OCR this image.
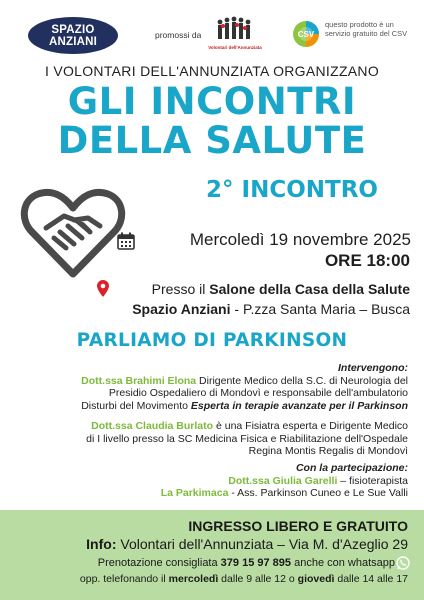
SPAZIO
ANZIANI
promossi da
Volontari dell'Annunziata
CSV
questo prodotto è un servizio gratuito del CSV
I VOLONTARI DELL'ANNUNZIATA ORGANIZZANO
GLI INCONTRI
DELLA SALUTE
2° INCONTRO
Mercoledì 19 novembre 2025
ORE 18:00
Presso il Salone della Casa della Salute
Spazio Anziani - P.zza Santa Maria – Busca
PARLIAMO DI PARKINSON
Intervengono:
Dott.ssa Brahimi Elona Dirigente Medico della S.C. di Neurologia del
Presidio Ospedaliero di Mondovì e responsabile dell'ambulatorio
Disturbi del Movimento Esperta in terapie avanzate per il Parkinson
Dott.ssa Claudia Burlato è una Fisiatra esperta e Dirigente Medico
di I livello presso la SC Medicina Fisica e Riabilitazione dell'Ospedale
Regina Montis Regalis di Mondovì
Con la partecipazione:
Dott.ssa Giulia Garelli – fisioterapista
La Parkimaca - Ass. Parkinson Cuneo e Le Sue Valli
INGRESSO LIBERO E GRATUITO
Info: Volontari dell'Annunziata – Via M. d'Azeglio 29
Prenotazione consigliata 379 15 97 895 anche con whatsapp
opp. telefonando il mercoledì dalle 9 alle 12 o giovedì dalle 14 alle 17
